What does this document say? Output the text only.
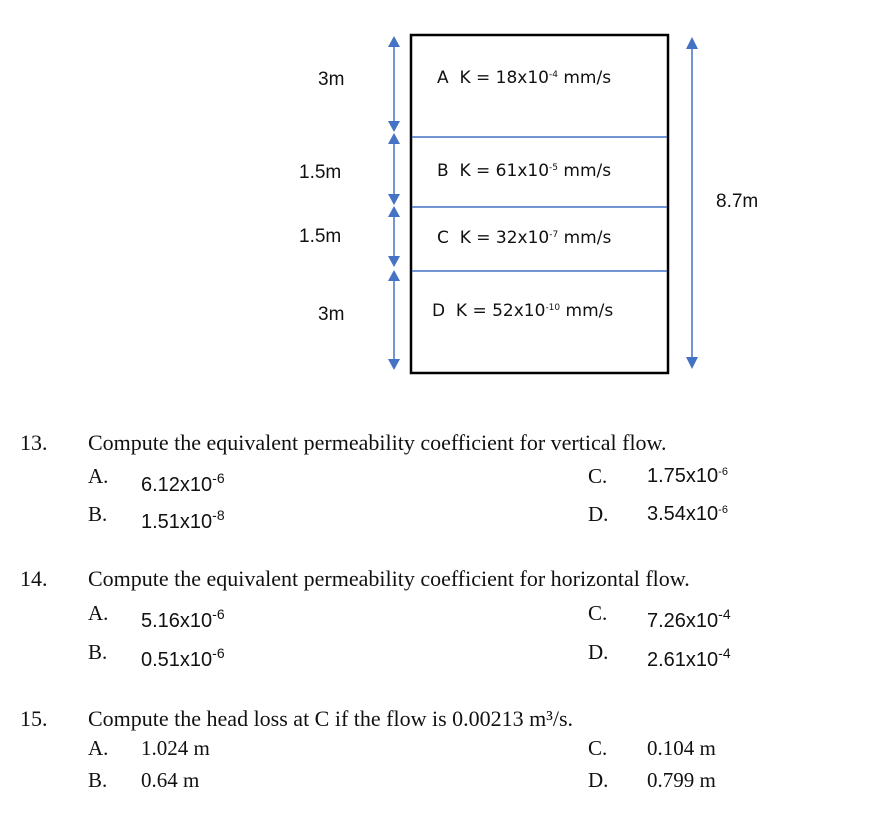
3m
1.5m
1.5m
3m
8.7m
A $K = 18x10^{-4}$ mm/s
B $K = 61x10^{-5}$ mm/s
C $K = 32x10^{-7}$ mm/s
D $K = 52x10^{-10}$ mm/s
13. Compute the equivalent permeability coefficient for vertical flow.
A. $6.12x10^{-6}$	C. $1.75x10^{-6}$
B. $1.51x10^{-8}$	D. $3.54x10^{-6}$
14. Compute the equivalent permeability coefficient for horizontal flow.
A. $5.16x10^{-6}$	C. $7.26x10^{-4}$
B. $0.51x10^{-6}$	D. $2.61x10^{-4}$
15. Compute the head loss at C if the flow is 0.00213 m³/s.
A. 1.024 m	C. 0.104 m
B. 0.64 m	D. 0.799 m
